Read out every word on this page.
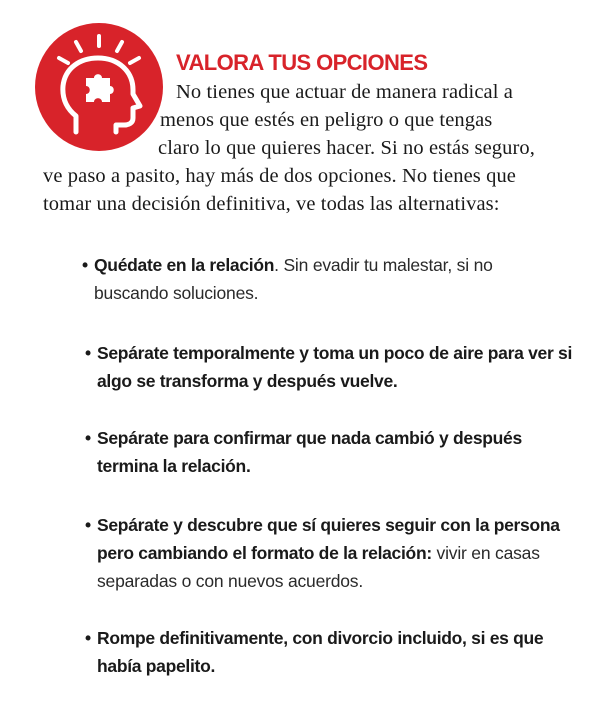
VALORA TUS OPCIONES
No tienes que actuar de manera radical a
menos que estés en peligro o que tengas
claro lo que quieres hacer. Si no estás seguro,
ve paso a pasito, hay más de dos opciones. No tienes que
tomar una decisión definitiva, ve todas las alternativas:
• Quédate en la relación. Sin evadir tu malestar, si no buscando soluciones.
• Sepárate temporalmente y toma un poco de aire para ver si algo se transforma y después vuelve.
• Sepárate para confirmar que nada cambió y después termina la relación.
• Sepárate y descubre que sí quieres seguir con la persona pero cambiando el formato de la relación: vivir en casas separadas o con nuevos acuerdos.
• Rompe definitivamente, con divorcio incluido, si es que había papelito.
